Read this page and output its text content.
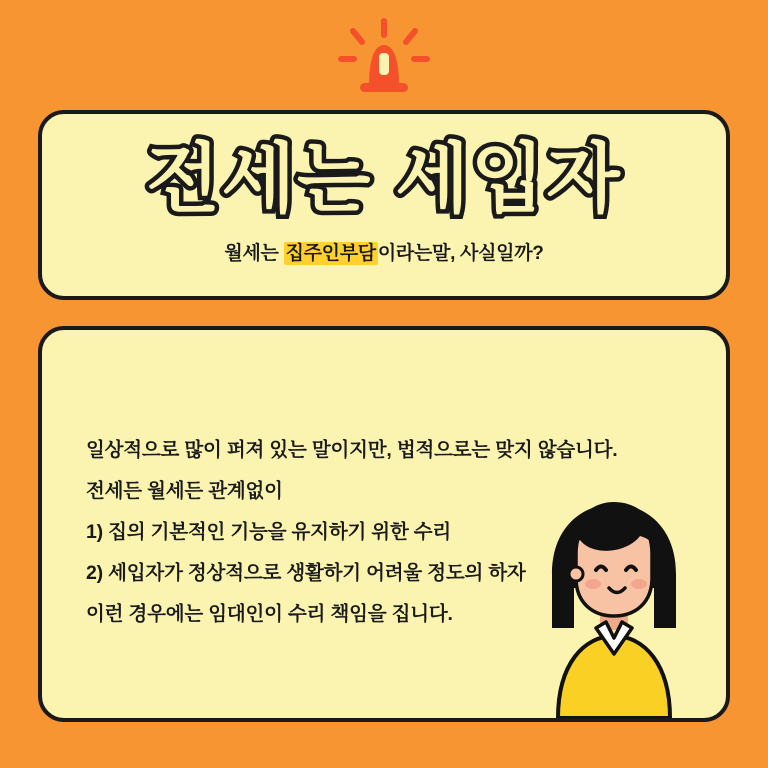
전세는 세입자
월세는 집주인부담 이라는말, 사실일까?

일상적으로 많이 퍼져 있는 말이지만, 법적으로는 맞지 않습니다.

전세든 월세든 관계없이

1) 집의 기본적인 기능을 유지하기 위한 수리

2) 세입자가 정상적으로 생활하기 어려울 정도의 하자

이런 경우에는 임대인이 수리 책임을 집니다.
